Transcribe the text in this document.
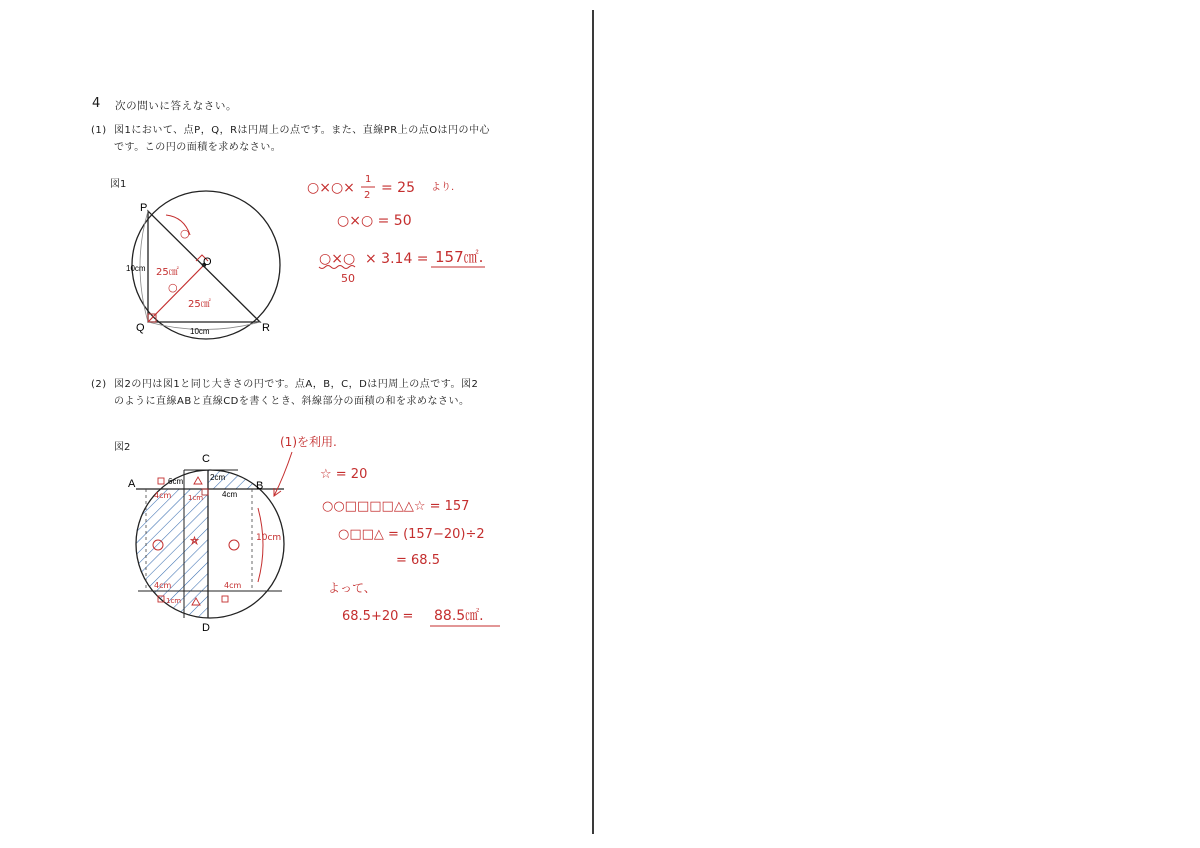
4 次の問いに答えなさい。
(1) 図1において、点P，Q，Rは円周上の点です。また、直線PR上の点Oは円の中心
です。この円の面積を求めなさい。
図1
P
Q	R
O
10cm
10cm
○
○
25㎠
25㎠
○×○×
1
2 = 25 より.
○×○ = 50
○×○ × 3.14 = 157㎠.
50
(2) 図2の円は図1と同じ大きさの円です。点A，B，C，Dは円周上の点です。図2
のように直線ABと直線CDを書くとき、斜線部分の面積の和を求めなさい。
図2
C
D
A	B
6cm	2cm
4cm
4cm 1cm
4cm	4cm
1cm
10cm
(1)を利用.
☆ = 20
○○□□□□△△☆ = 157
○□□△ = (157−20)÷2
= 68.5
よって、
68.5+20 = 88.5㎠.
